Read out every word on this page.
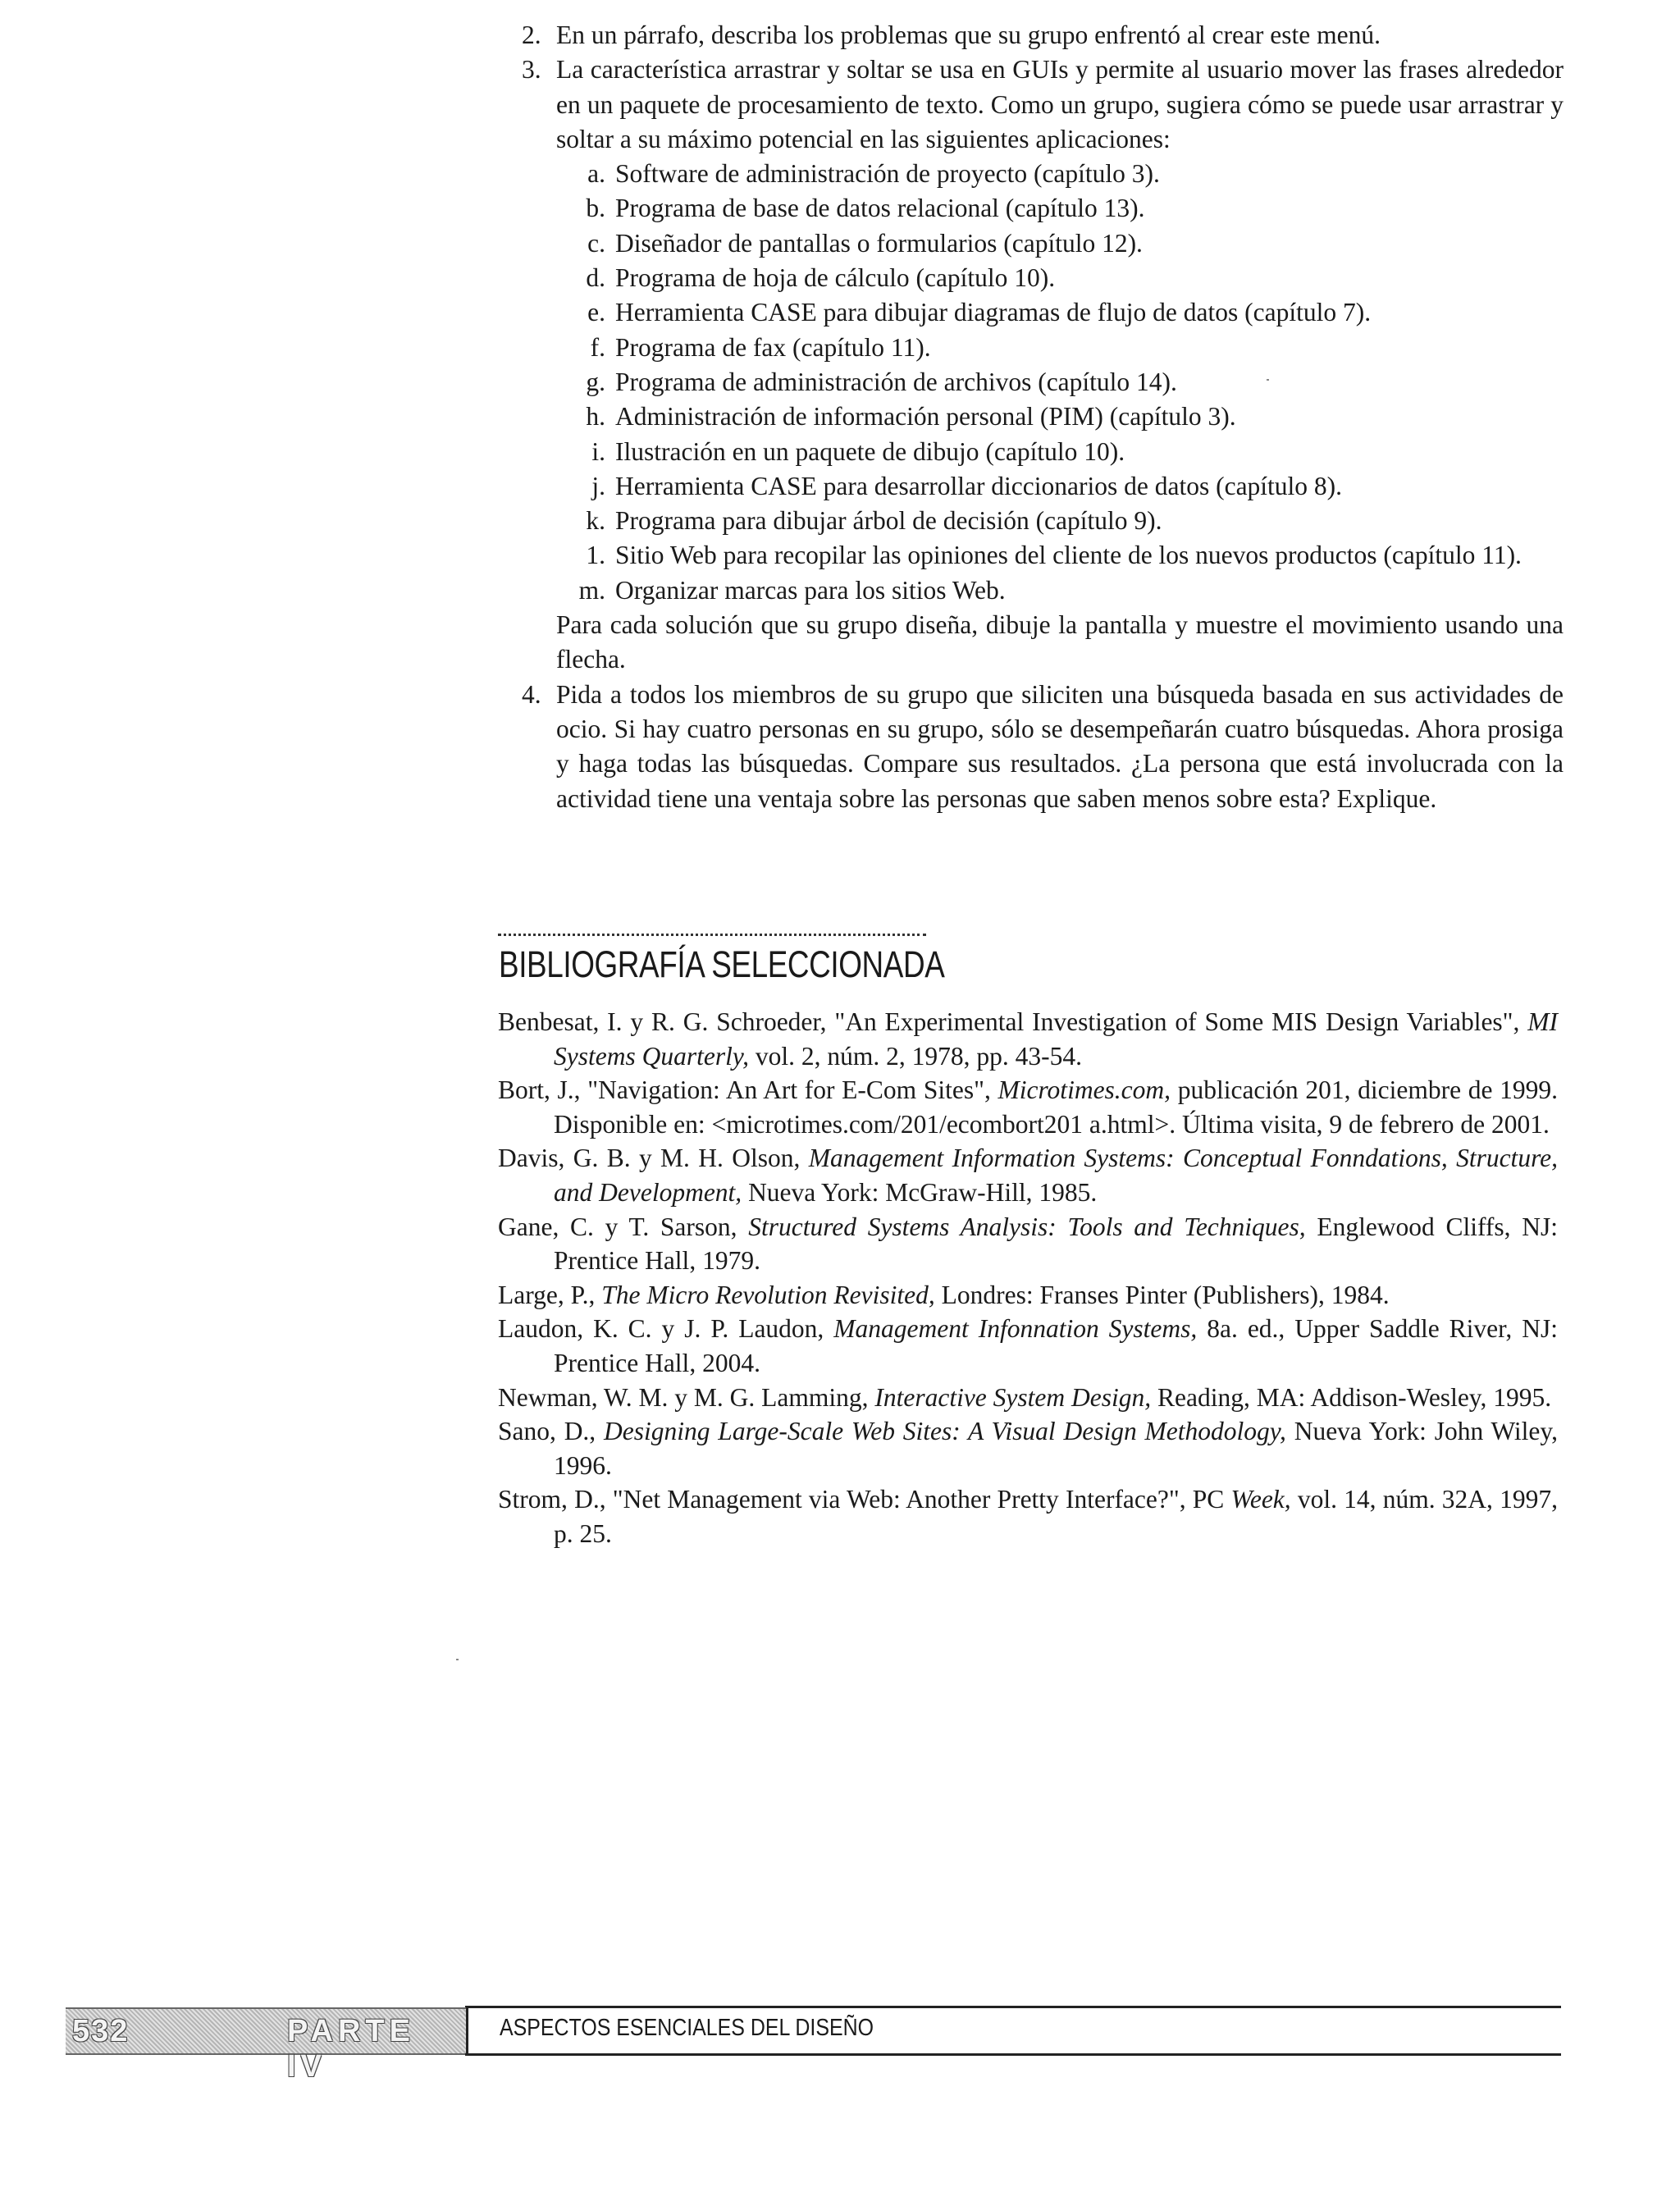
2. En un párrafo, describa los problemas que su grupo enfrentó al crear este menú.
3. La característica arrastrar y soltar se usa en GUIs y permite al usuario mover las frases alrededor en un paquete de procesamiento de texto. Como un grupo, sugiera cómo se puede usar arrastrar y soltar a su máximo potencial en las siguientes aplicaciones:
a. Software de administración de proyecto (capítulo 3).
b. Programa de base de datos relacional (capítulo 13).
c. Diseñador de pantallas o formularios (capítulo 12).
d. Programa de hoja de cálculo (capítulo 10).
e. Herramienta CASE para dibujar diagramas de flujo de datos (capítulo 7).
f. Programa de fax (capítulo 11).
g. Programa de administración de archivos (capítulo 14).
h. Administración de información personal (PIM) (capítulo 3).
i. Ilustración en un paquete de dibujo (capítulo 10).
j. Herramienta CASE para desarrollar diccionarios de datos (capítulo 8).
k. Programa para dibujar árbol de decisión (capítulo 9).
1. Sitio Web para recopilar las opiniones del cliente de los nuevos productos (capítulo 11).
m. Organizar marcas para los sitios Web.
Para cada solución que su grupo diseña, dibuje la pantalla y muestre el movimiento usando una flecha.
4. Pida a todos los miembros de su grupo que siliciten una búsqueda basada en sus actividades de ocio. Si hay cuatro personas en su grupo, sólo se desempeñarán cuatro búsquedas. Ahora prosiga y haga todas las búsquedas. Compare sus resultados. ¿La persona que está involucrada con la actividad tiene una ventaja sobre las personas que saben menos sobre esta? Explique.
BIBLIOGRAFÍA SELECCIONADA
Benbesat, I. y R. G. Schroeder, "An Experimental Investigation of Some MIS Design Variables", MI Systems Quarterly, vol. 2, núm. 2, 1978, pp. 43-54.
Bort, J., "Navigation: An Art for E-Com Sites", Microtimes.com, publicación 201, diciembre de 1999. Disponible en: <microtimes.com/201/ecombort201 a.html>. Última visita, 9 de febrero de 2001.
Davis, G. B. y M. H. Olson, Management Information Systems: Conceptual Fonndations, Structure, and Development, Nueva York: McGraw-Hill, 1985.
Gane, C. y T. Sarson, Structured Systems Analysis: Tools and Techniques, Englewood Cliffs, NJ: Prentice Hall, 1979.
Large, P., The Micro Revolution Revisited, Londres: Franses Pinter (Publishers), 1984.
Laudon, K. C. y J. P. Laudon, Management Infonnation Systems, 8a. ed., Upper Saddle River, NJ: Prentice Hall, 2004.
Newman, W. M. y M. G. Lamming, Interactive System Design, Reading, MA: Addison-Wesley, 1995.
Sano, D., Designing Large-Scale Web Sites: A Visual Design Methodology, Nueva York: John Wiley, 1996.
Strom, D., "Net Management via Web: Another Pretty Interface?", PC Week, vol. 14, núm. 32A, 1997, p. 25.
532	PARTE IV
ASPECTOS ESENCIALES DEL DISEÑO
